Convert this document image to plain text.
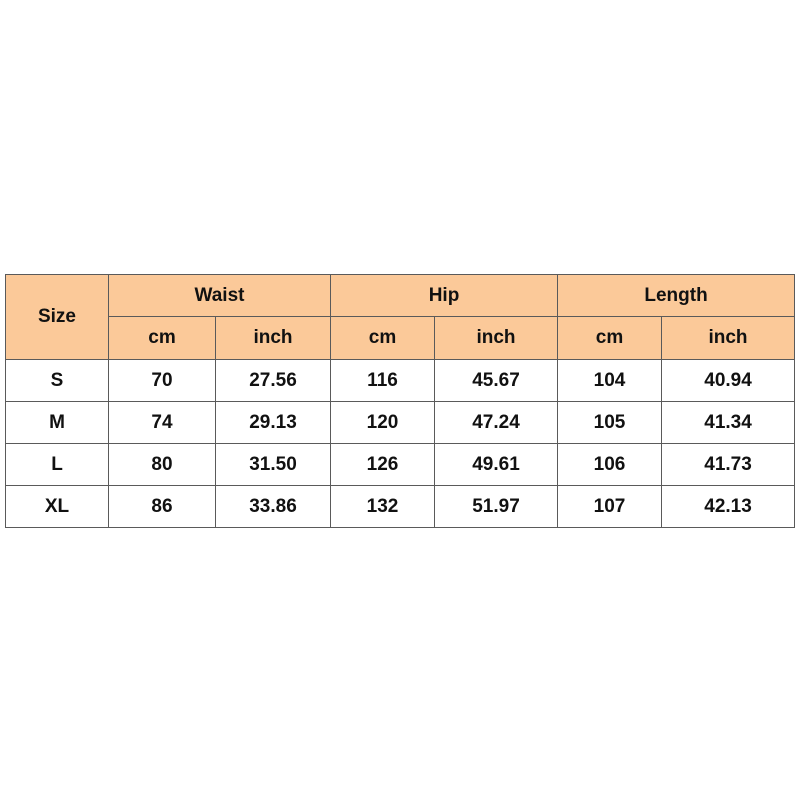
Size	Waist		Hip		Length	
	cm	inch	cm	inch	cm	inch
S	70	27.56	116	45.67	104	40.94
M	74	29.13	120	47.24	105	41.34
L	80	31.50	126	49.61	106	41.73
XL	86	33.86	132	51.97	107	42.13
